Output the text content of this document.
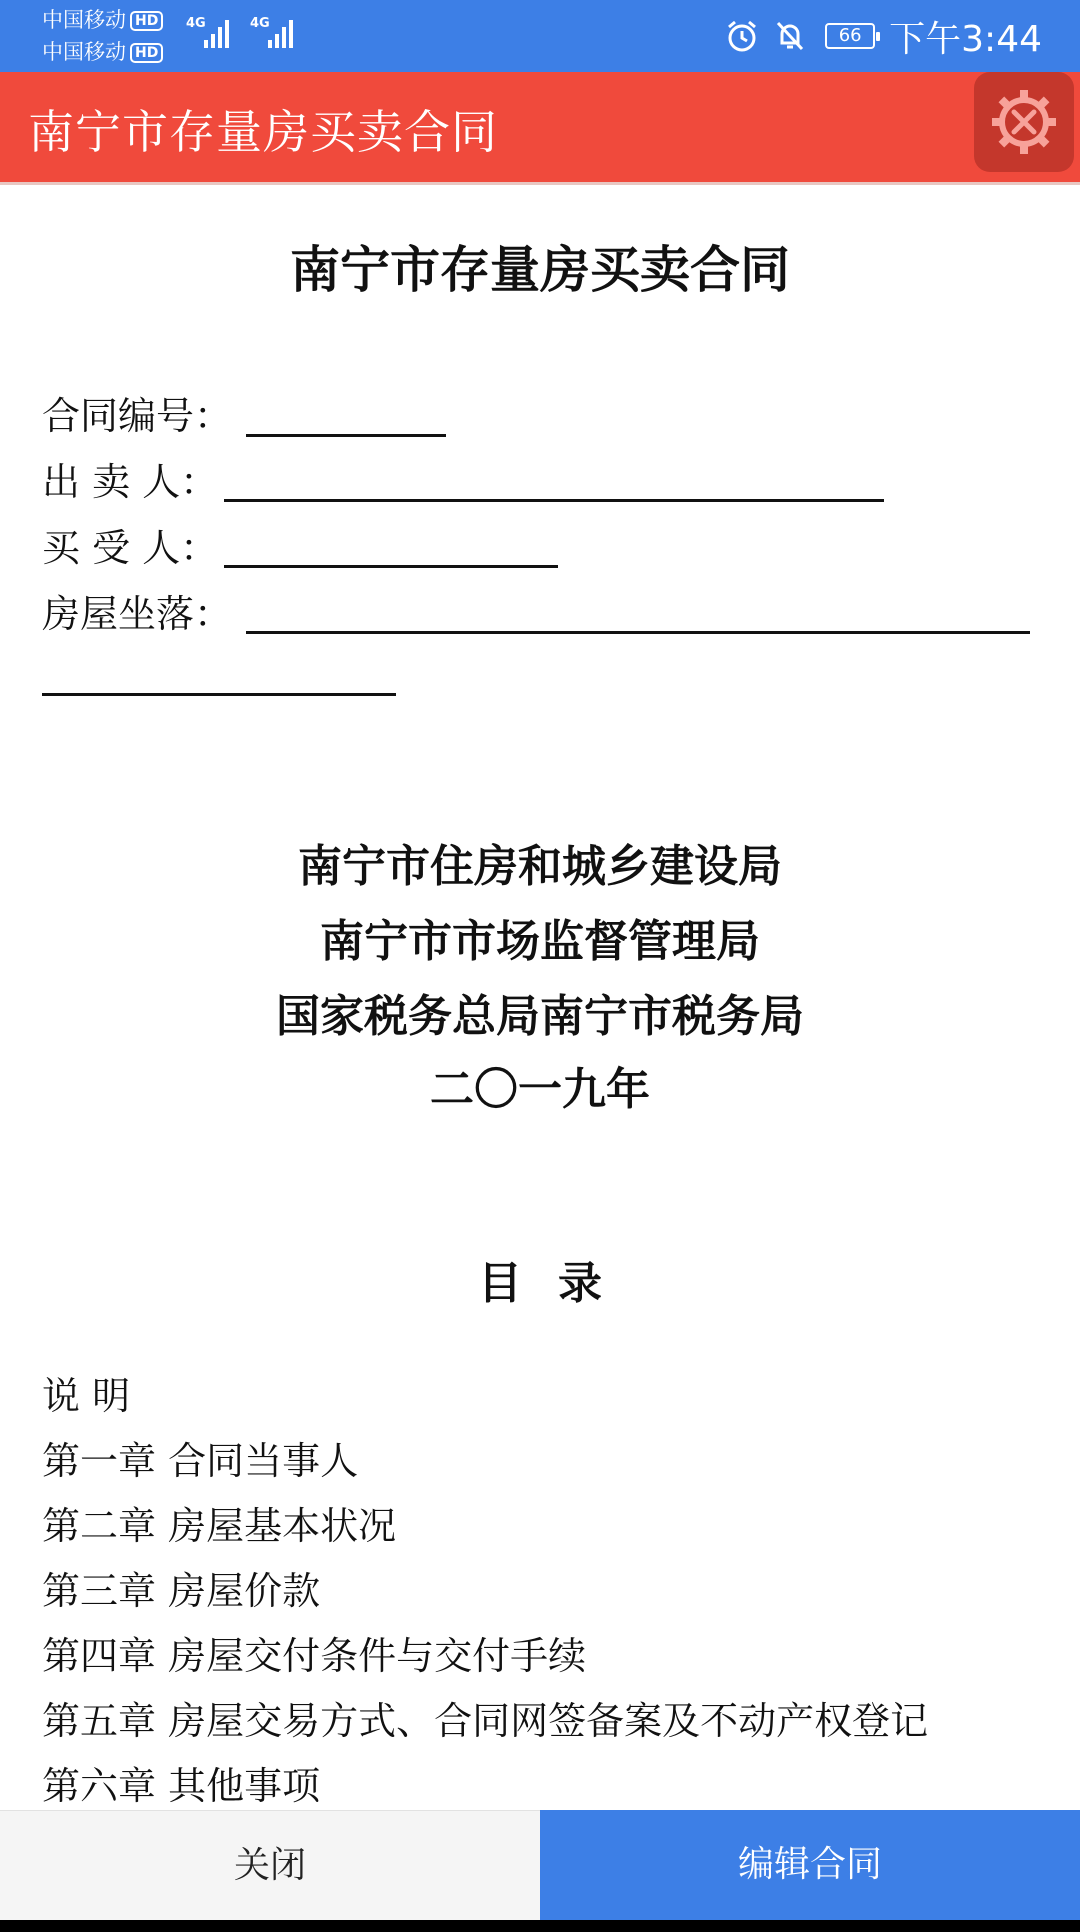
中国移动 HD
中国移动 HD
4G	4G
66 下午3:44
南宁市存量房买卖合同
南宁市存量房买卖合同
合同编号：
出 卖 人：
买 受 人：
房屋坐落：
南宁市住房和城乡建设局
南宁市市场监督管理局
国家税务总局南宁市税务局
二〇一九年
目录
说 明
第一章 合同当事人
第二章 房屋基本状况
第三章 房屋价款
第四章 房屋交付条件与交付手续
第五章 房屋交易方式、合同网签备案及不动产权登记
第六章 其他事项
关闭	编辑合同
